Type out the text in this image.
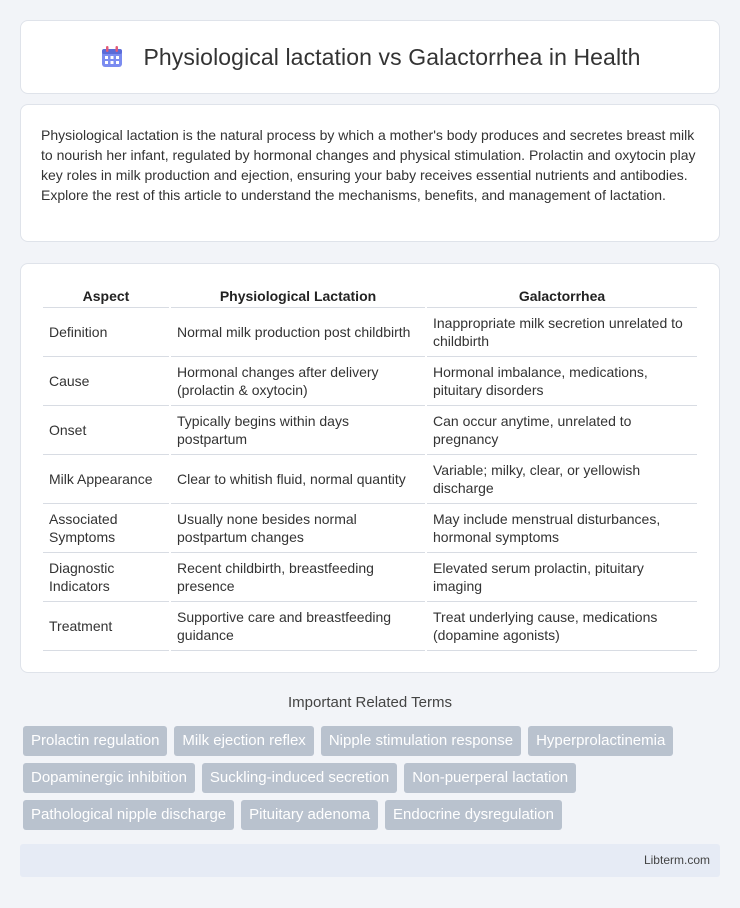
Physiological lactation vs Galactorrhea in Health

Physiological lactation is the natural process by which a mother's body produces and secretes breast milk to nourish her infant, regulated by hormonal changes and physical stimulation. Prolactin and oxytocin play key roles in milk production and ejection, ensuring your baby receives essential nutrients and antibodies. Explore the rest of this article to understand the mechanisms, benefits, and management of lactation.

Aspect	Physiological Lactation	Galactorrhea
Definition	Normal milk production post childbirth	Inappropriate milk secretion unrelated to childbirth
Cause	Hormonal changes after delivery (prolactin & oxytocin)	Hormonal imbalance, medications, pituitary disorders
Onset	Typically begins within days postpartum	Can occur anytime, unrelated to pregnancy
Milk Appearance	Clear to whitish fluid, normal quantity	Variable; milky, clear, or yellowish discharge
Associated Symptoms	Usually none besides normal postpartum changes	May include menstrual disturbances, hormonal symptoms
Diagnostic Indicators	Recent childbirth, breastfeeding presence	Elevated serum prolactin, pituitary imaging
Treatment	Supportive care and breastfeeding guidance	Treat underlying cause, medications (dopamine agonists)
Important Related Terms
Prolactin regulation	Milk ejection reflex	Nipple stimulation response	Hyperprolactinemia
Dopaminergic inhibition	Suckling-induced secretion	Non-puerperal lactation
Pathological nipple discharge	Pituitary adenoma	Endocrine dysregulation
Libterm.com
